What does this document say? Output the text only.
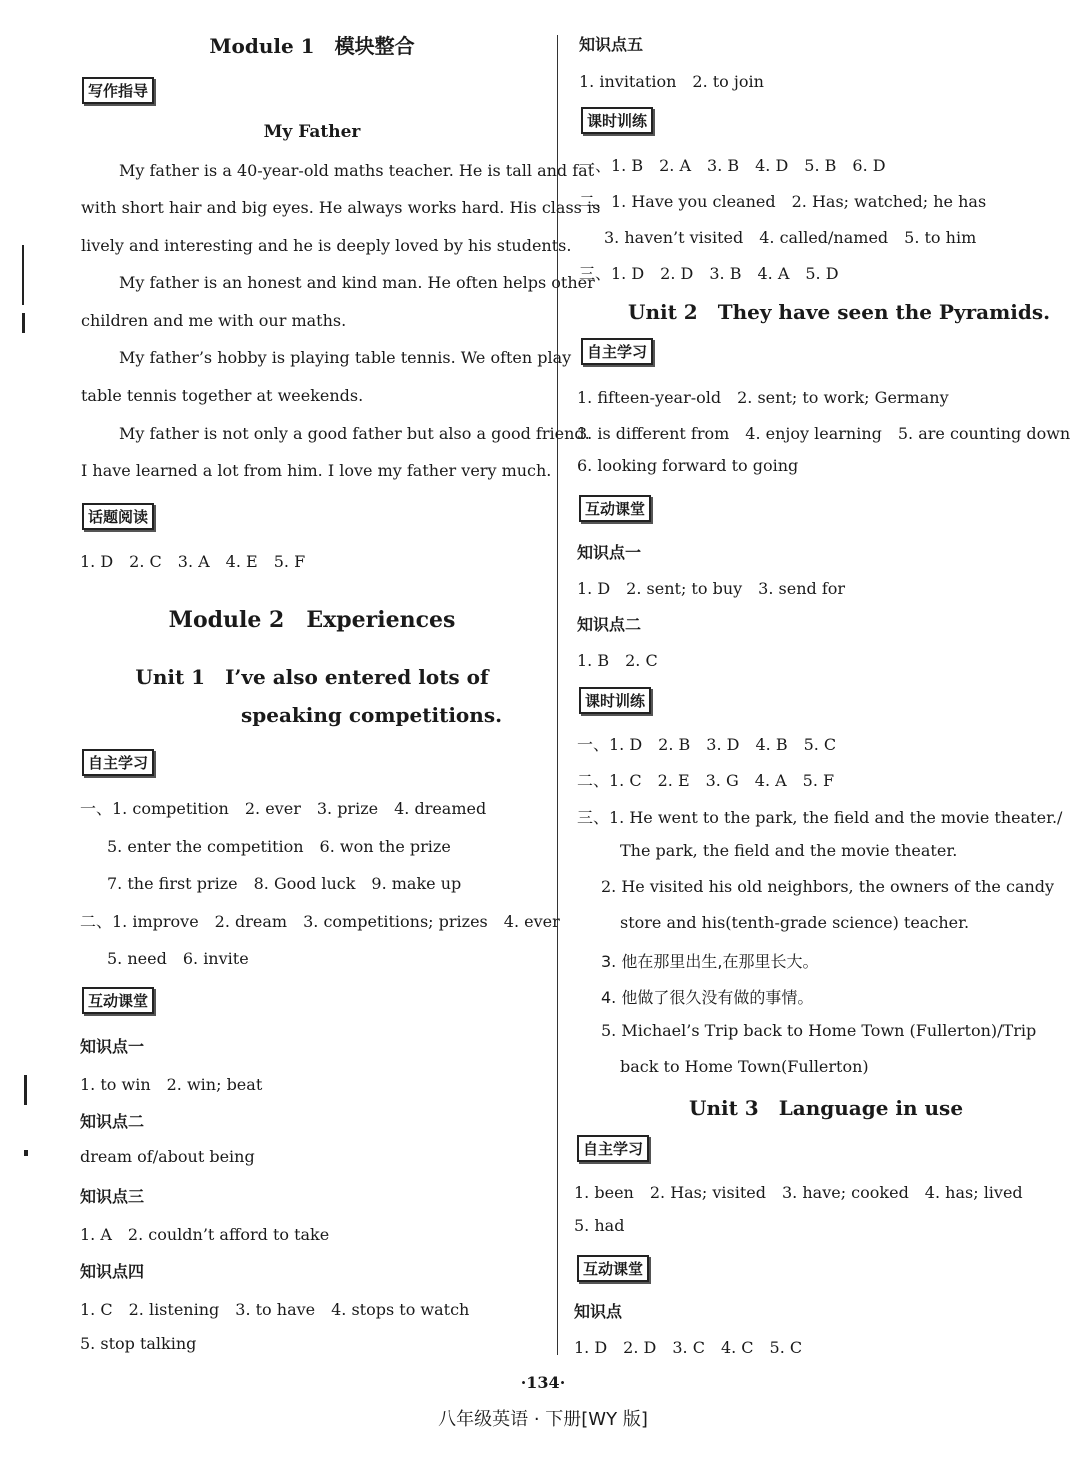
Module 1　模块整合
写作指导
My Father
My father is a 40-year-old maths teacher. He is tall and fat
with short hair and big eyes. He always works hard. His class is
lively and interesting and he is deeply loved by his students.
My father is an honest and kind man. He often helps other
children and me with our maths.
My father’s hobby is playing table tennis. We often play
table tennis together at weekends.
My father is not only a good father but also a good friend.
I have learned a lot from him. I love my father very much.
话题阅读
1. D　2. C　3. A　4. E　5. F
Module 2　Experiences
Unit 1　I’ve also entered lots of
speaking competitions.
自主学习
一、1. competition　2. ever　3. prize　4. dreamed
5. enter the competition　6. won the prize
7. the first prize　8. Good luck　9. make up
二、1. improve　2. dream　3. competitions; prizes　4. ever
5. need　6. invite
互动课堂
知识点一
1. to win　2. win; beat
知识点二
dream of/about being
知识点三
1. A　2. couldn’t afford to take
知识点四
1. C　2. listening　3. to have　4. stops to watch
5. stop talking
知识点五
1. invitation　2. to join
课时训练
一、1. B　2. A　3. B　4. D　5. B　6. D
二、1. Have you cleaned　2. Has; watched; he has
3. haven’t visited　4. called/named　5. to him
三、1. D　2. D　3. B　4. A　5. D
Unit 2　They have seen the Pyramids.
自主学习
1. fifteen-year-old　2. sent; to work; Germany
3. is different from　4. enjoy learning　5. are counting down
6. looking forward to going
互动课堂
知识点一
1. D　2. sent; to buy　3. send for
知识点二
1. B　2. C
课时训练
一、1. D　2. B　3. D　4. B　5. C
二、1. C　2. E　3. G　4. A　5. F
三、1. He went to the park, the field and the movie theater./
The park, the field and the movie theater.
2. He visited his old neighbors, the owners of the candy
store and his(tenth-grade science) teacher.
3. 他在那里出生,在那里长大。
4. 他做了很久没有做的事情。
5. Michael’s Trip back to Home Town (Fullerton)/Trip
back to Home Town(Fullerton)
Unit 3　Language in use
自主学习
1. been　2. Has; visited　3. have; cooked　4. has; lived
5. had
互动课堂
知识点
1. D　2. D　3. C　4. C　5. C
·134·
八年级英语 · 下册[WY 版]
